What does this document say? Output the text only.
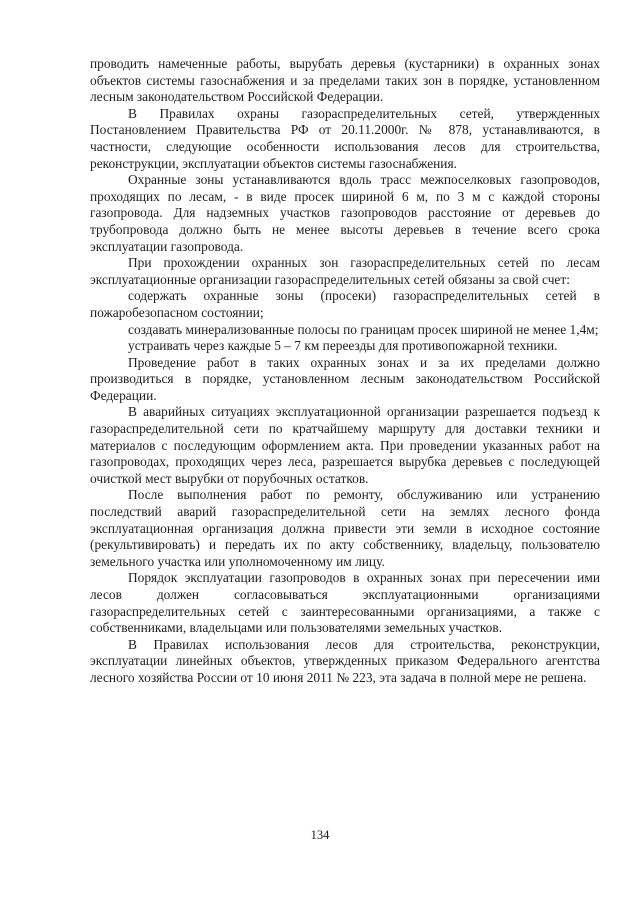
проводить намеченные работы, вырубать деревья (кустарники) в охранных зонах объектов системы газоснабжения и за пределами таких зон в порядке, установленном лесным законодательством Российской Федерации.

В Правилах охраны газораспределительных сетей, утвержденных Постановлением Правительства РФ от 20.11.2000г. № 878, устанавливаются, в частности, следующие особенности использования лесов для строительства, реконструкции, эксплуатации объектов системы газоснабжения.

Охранные зоны устанавливаются вдоль трасс межпоселковых газопроводов, проходящих по лесам, - в виде просек шириной 6 м, по 3 м с каждой стороны газопровода. Для надземных участков газопроводов расстояние от деревьев до трубопровода должно быть не менее высоты деревьев в течение всего срока эксплуатации газопровода.

При прохождении охранных зон газораспределительных сетей по лесам эксплуатационные организации газораспределительных сетей обязаны за свой счет:

содержать охранные зоны (просеки) газораспределительных сетей в пожаробезопасном состоянии;

создавать минерализованные полосы по границам просек шириной не менее 1,4м;

устраивать через каждые 5 – 7 км переезды для противопожарной техники.

Проведение работ в таких охранных зонах и за их пределами должно производиться в порядке, установленном лесным законодательством Российской Федерации.

В аварийных ситуациях эксплуатационной организации разрешается подъезд к газораспределительной сети по кратчайшему маршруту для доставки техники и материалов с последующим оформлением акта. При проведении указанных работ на газопроводах, проходящих через леса, разрешается вырубка деревьев с последующей очисткой мест вырубки от порубочных остатков.

После выполнения работ по ремонту, обслуживанию или устранению последствий аварий газораспределительной сети на землях лесного фонда эксплуатационная организация должна привести эти земли в исходное состояние (рекультивировать) и передать их по акту собственнику, владельцу, пользователю земельного участка или уполномоченному им лицу.

Порядок эксплуатации газопроводов в охранных зонах при пересечении ими лесов должен согласовываться эксплуатационными организациями газораспределительных сетей с заинтересованными организациями, а также с собственниками, владельцами или пользователями земельных участков.

В Правилах использования лесов для строительства, реконструкции, эксплуатации линейных объектов, утвержденных приказом Федерального агентства лесного хозяйства России от 10 июня 2011 № 223, эта задача в полной мере не решена.

134
